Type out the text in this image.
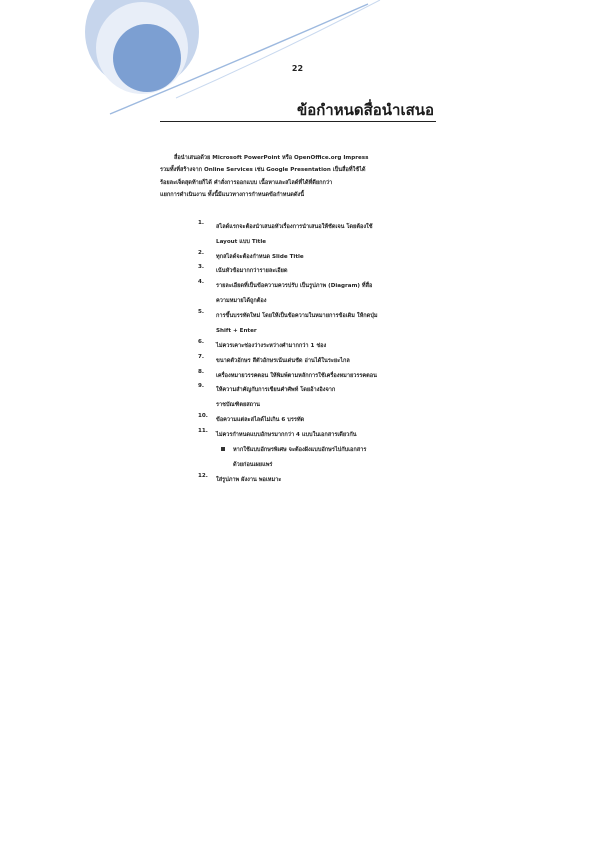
22
ข้อกำหนดสื่อนำเสนอ
สื่อนำเสนอด้วย Microsoft PowerPoint หรือ OpenOffice.org Impress
รวมทั้งที่สร้างจาก Online Services เช่น Google Presentation เป็นสื่อที่ใช้ได้
ร้อยละเจ็ดสุดท้ายก็ได้ คำสั่งการออกแบบ เนื้อหาและสไลด์ที่ได้ที่ดียกกว่า
แยกการดำเนินงาน ทั้งนี้มีแนวทางการกำหนดข้อกำหนดดังนี้
1.
สไลด์แรกจะต้องนำเสนอหัวเรื่องการนำเสนอให้ชัดเจน โดยต้องใช้
Layout แบบ Title
2.
ทุกสไลด์จะต้องกำหนด Slide Title
3.
เน้นหัวข้อมากกว่ารายละเอียด
4.
รายละเอียดที่เป็นข้อความควรปรับ เป็นรูปภาพ (Diagram) ที่สื่อ
ความหมายได้ถูกต้อง
5.
การขึ้นบรรทัดใหม่ โดยให้เป็นข้อความในหมายการข้อเดิม ให้กดปุ่ม
Shift + Enter
6.
ไม่ควรเคาะช่องว่างระหว่างคำมากกว่า 1 ช่อง
7.
ขนาดตัวอักษร สีตัวอักษรเน้นเด่นชัด อ่านได้ในระยะไกล
8.
เครื่องหมายวรรคตอน ให้พิมพ์ตามหลักการใช้เครื่องหมายวรรคตอน
9.
ให้ความสำคัญกับการเขียนคำศัพท์ โดยอ้างอิงจาก
ราชบัณฑิตยสถาน
10.
ข้อความแต่ละสไลด์ไม่เกิน 6 บรรทัด
11.
ไม่ควรกำหนดแบบอักษรมากกว่า 4 แบบในเอกสารเดียวกัน
12.
ใส่รูปภาพ ผังงาน พอเหมาะ
หากใช้แบบอักษรพิเศษ จะต้องฝังแบบอักษรไปกับเอกสาร
ด้วยก่อนเผยแพร่
